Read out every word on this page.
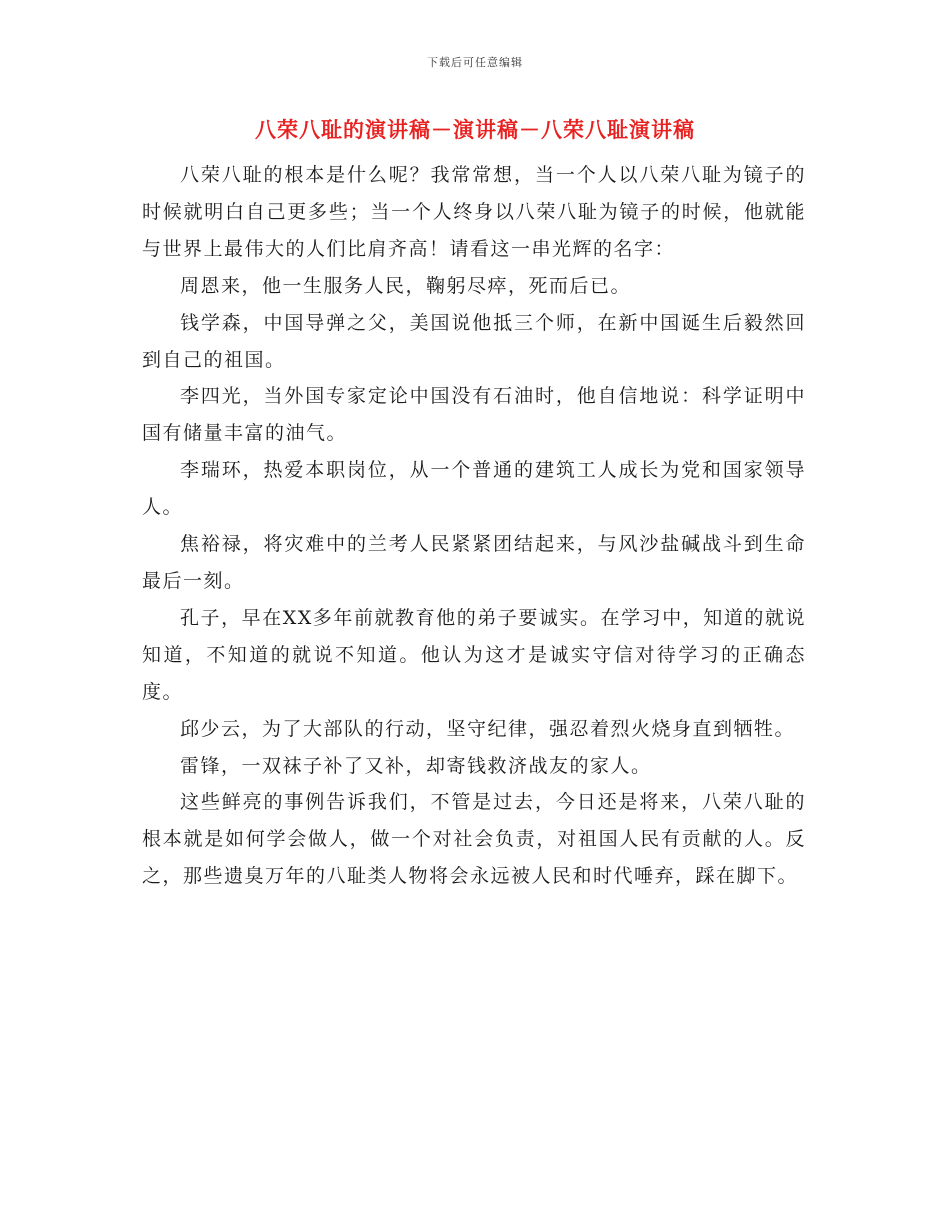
下载后可任意编辑
八荣八耻的演讲稿－演讲稿－八荣八耻演讲稿

八荣八耻的根本是什么呢？我常常想，当一个人以八荣八耻为镜子的时候就明白自己更多些；当一个人终身以八荣八耻为镜子的时候，他就能与世界上最伟大的人们比肩齐高！请看这一串光辉的名字：

周恩来，他一生服务人民，鞠躬尽瘁，死而后已。

钱学森，中国导弹之父，美国说他抵三个师，在新中国诞生后毅然回到自己的祖国。

李四光，当外国专家定论中国没有石油时，他自信地说：科学证明中国有储量丰富的油气。

李瑞环，热爱本职岗位，从一个普通的建筑工人成长为党和国家领导人。

焦裕禄，将灾难中的兰考人民紧紧团结起来，与风沙盐碱战斗到生命最后一刻。

孔子，早在XX多年前就教育他的弟子要诚实。在学习中，知道的就说知道，不知道的就说不知道。他认为这才是诚实守信对待学习的正确态度。

邱少云，为了大部队的行动，坚守纪律，强忍着烈火烧身直到牺牲。

雷锋，一双袜子补了又补，却寄钱救济战友的家人。

这些鲜亮的事例告诉我们，不管是过去，今日还是将来，八荣八耻的根本就是如何学会做人，做一个对社会负责，对祖国人民有贡献的人。反之，那些遗臭万年的八耻类人物将会永远被人民和时代唾弃，踩在脚下。
